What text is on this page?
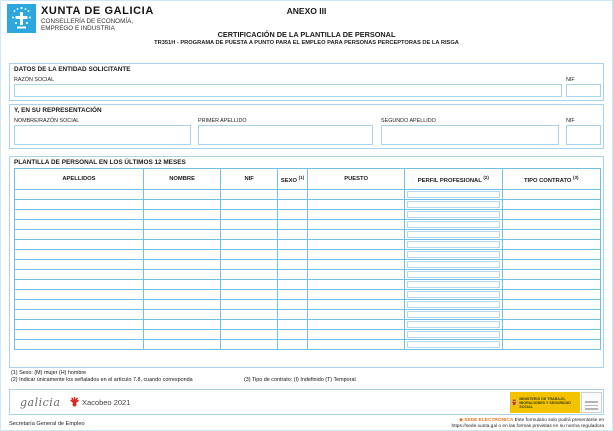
XUNTA DE GALICIA
CONSELLERÍA DE ECONOMÍA,
EMPREGO E INDUSTRIA
ANEXO III
CERTIFICACIÓN DE LA PLANTILLA DE PERSONAL
TR351H - PROGRAMA DE PUESTA A PUNTO PARA EL EMPLEO PARA PERSONAS PERCEPTORAS DE LA RISGA
DATOS DE LA ENTIDAD SOLICITANTE
RAZÓN SOCIAL	NIF
Y, EN SU REPRESENTACIÓN
NOMBRE/RAZÓN SOCIAL	PRIMER APELLIDO	SEGUNDO APELLIDO	NIF
PLANTILLA DE PERSONAL EN LOS ÚLTIMOS 12 MESES
APELLIDOS	NOMBRE	NIF	SEXO $^{(1)}$	PUESTO	PERFIL PROFESIONAL $^{(2)}$	TIPO CONTRATO $^{(3)}$

(1) Sexo: (M) mujer (H) hombre
(2) Indicar únicamente los señalados en el artículo 7.8, cuando corresponda	(3) Tipo de contrato: (I) Indefinido (T) Temporal
galicia	Xacobeo 2021	MINISTERIO DE TRABAJO, MIGRACIONES Y SEGURIDAD SOCIAL
Secretaría General de Empleo
◆ SEDE ELECTRÓNICA Este formulario solo podrá presentarse en
https://sede.xunta.gal o en las formas previstas en su norma reguladora
